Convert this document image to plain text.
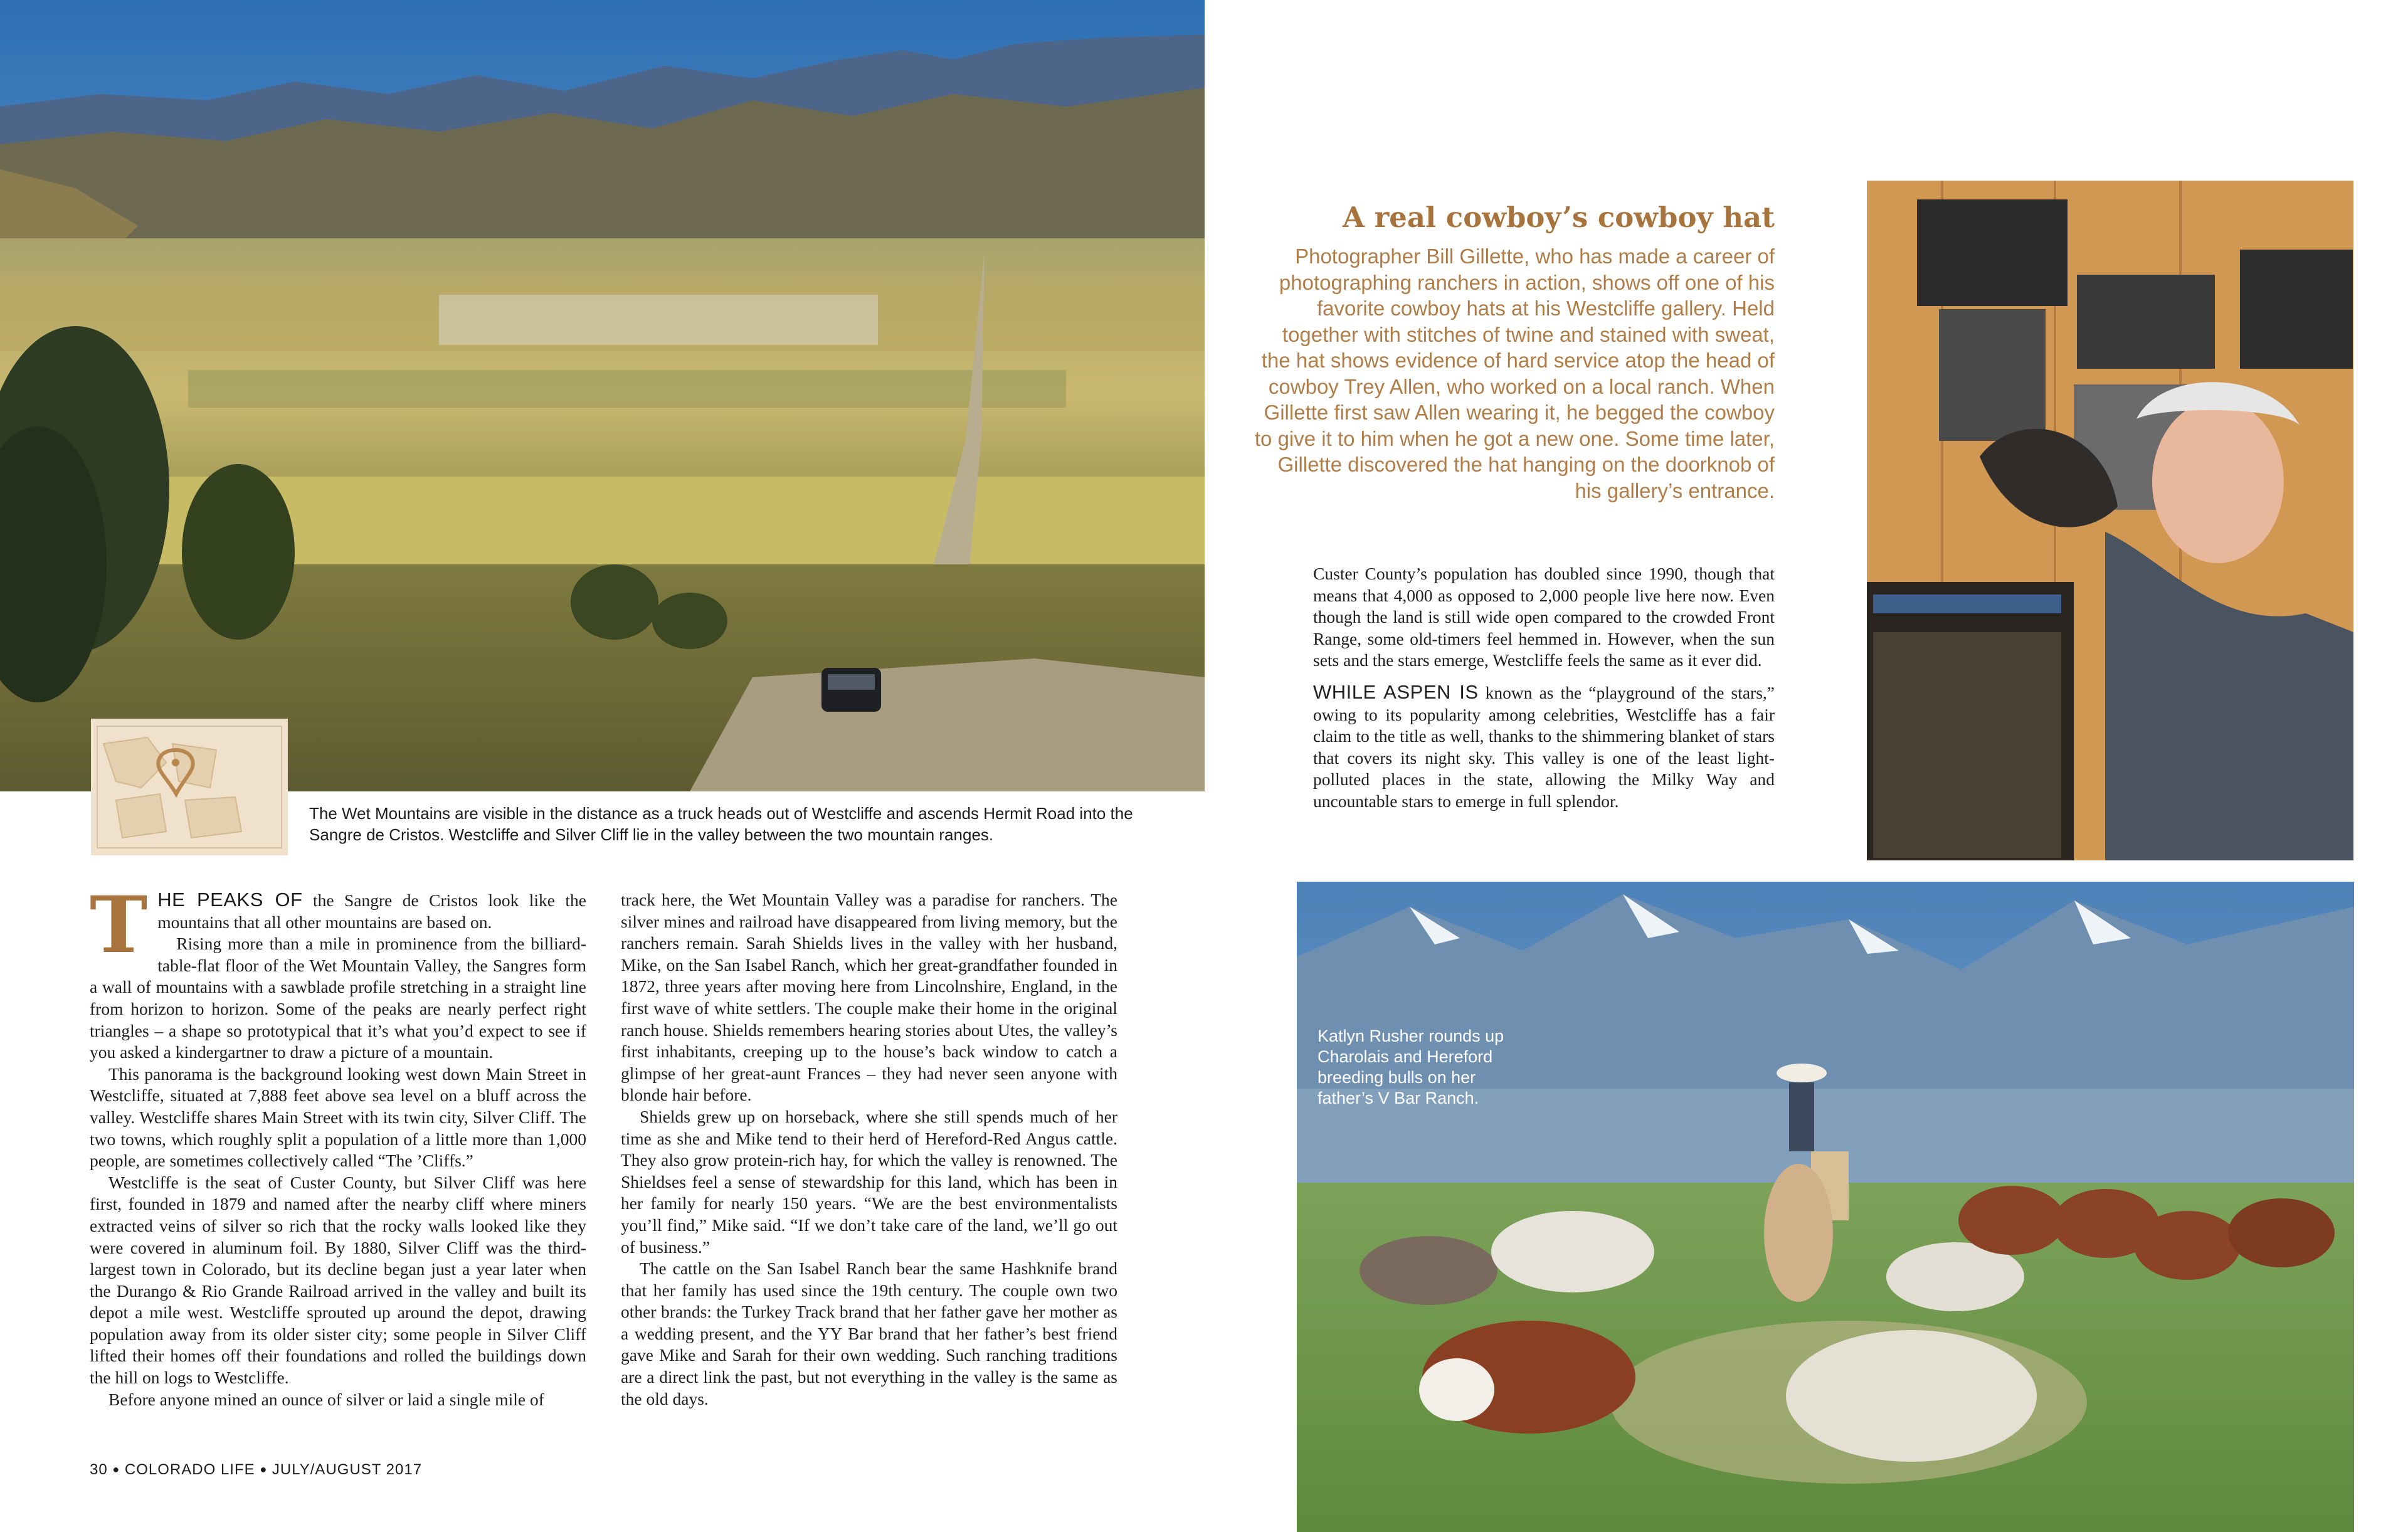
The Wet Mountains are visible in the distance as a truck heads out of Westcliffe and ascends Hermit Road into the Sangre de Cristos. Westcliffe and Silver Cliff lie in the valley between the two mountain ranges.

THE PEAKS OF the Sangre de Cristos look like the mountains that all other mountains are based on.

Rising more than a mile in prominence from the billiard-table-flat floor of the Wet Mountain Valley, the Sangres form a wall of mountains with a sawblade profile stretching in a straight line from horizon to horizon. Some of the peaks are nearly perfect right triangles – a shape so prototypical that it’s what you’d expect to see if you asked a kindergartner to draw a picture of a mountain.

This panorama is the background looking west down Main Street in Westcliffe, situated at 7,888 feet above sea level on a bluff across the valley. Westcliffe shares Main Street with its twin city, Silver Cliff. The two towns, which roughly split a population of a little more than 1,000 people, are sometimes collectively called “The ’Cliffs.”

Westcliffe is the seat of Custer County, but Silver Cliff was here first, founded in 1879 and named after the nearby cliff where miners extracted veins of silver so rich that the rocky walls looked like they were covered in aluminum foil. By 1880, Silver Cliff was the third-largest town in Colorado, but its decline began just a year later when the Durango & Rio Grande Railroad arrived in the valley and built its depot a mile west. Westcliffe sprouted up around the depot, drawing population away from its older sister city; some people in Silver Cliff lifted their homes off their foundations and rolled the buildings down the hill on logs to Westcliffe.

Before anyone mined an ounce of silver or laid a single mile of

track here, the Wet Mountain Valley was a paradise for ranchers. The silver mines and railroad have disappeared from living memory, but the ranchers remain. Sarah Shields lives in the valley with her husband, Mike, on the San Isabel Ranch, which her great-grandfather founded in 1872, three years after moving here from Lincolnshire, England, in the first wave of white settlers. The couple make their home in the original ranch house. Shields remembers hearing stories about Utes, the valley’s first inhabitants, creeping up to the house’s back window to catch a glimpse of her great-aunt Frances – they had never seen anyone with blonde hair before.

Shields grew up on horseback, where she still spends much of her time as she and Mike tend to their herd of Hereford-Red Angus cattle. They also grow protein-rich hay, for which the valley is renowned. The Shieldses feel a sense of stewardship for this land, which has been in her family for nearly 150 years. “We are the best environmentalists you’ll find,” Mike said. “If we don’t take care of the land, we’ll go out of business.”

The cattle on the San Isabel Ranch bear the same Hashknife brand that her family has used since the 19th century. The couple own two other brands: the Turkey Track brand that her father gave her mother as a wedding present, and the YY Bar brand that her father’s best friend gave Mike and Sarah for their own wedding. Such ranching traditions are a direct link the past, but not everything in the valley is the same as the old days.

30 ● COLORADO LIFE ● JULY/AUGUST 2017
A real cowboy’s cowboy hat
Photographer Bill Gillette, who has made a career of photographing ranchers in action, shows off one of his favorite cowboy hats at his Westcliffe gallery. Held together with stitches of twine and stained with sweat, the hat shows evidence of hard service atop the head of cowboy Trey Allen, who worked on a local ranch. When Gillette first saw Allen wearing it, he begged the cowboy to give it to him when he got a new one. Some time later, Gillette discovered the hat hanging on the doorknob of his gallery’s entrance.

Custer County’s population has doubled since 1990, though that means that 4,000 as opposed to 2,000 people live here now. Even though the land is still wide open compared to the crowded Front Range, some old-timers feel hemmed in. However, when the sun sets and the stars emerge, Westcliffe feels the same as it ever did.

WHILE ASPEN IS known as the “playground of the stars,” owing to its popularity among celebrities, Westcliffe has a fair claim to the title as well, thanks to the shimmering blanket of stars that covers its night sky. This valley is one of the least light-polluted places in the state, allowing the Milky Way and uncountable stars to emerge in full splendor.

Katlyn Rusher rounds up Charolais and Hereford breeding bulls on her father’s V Bar Ranch.
